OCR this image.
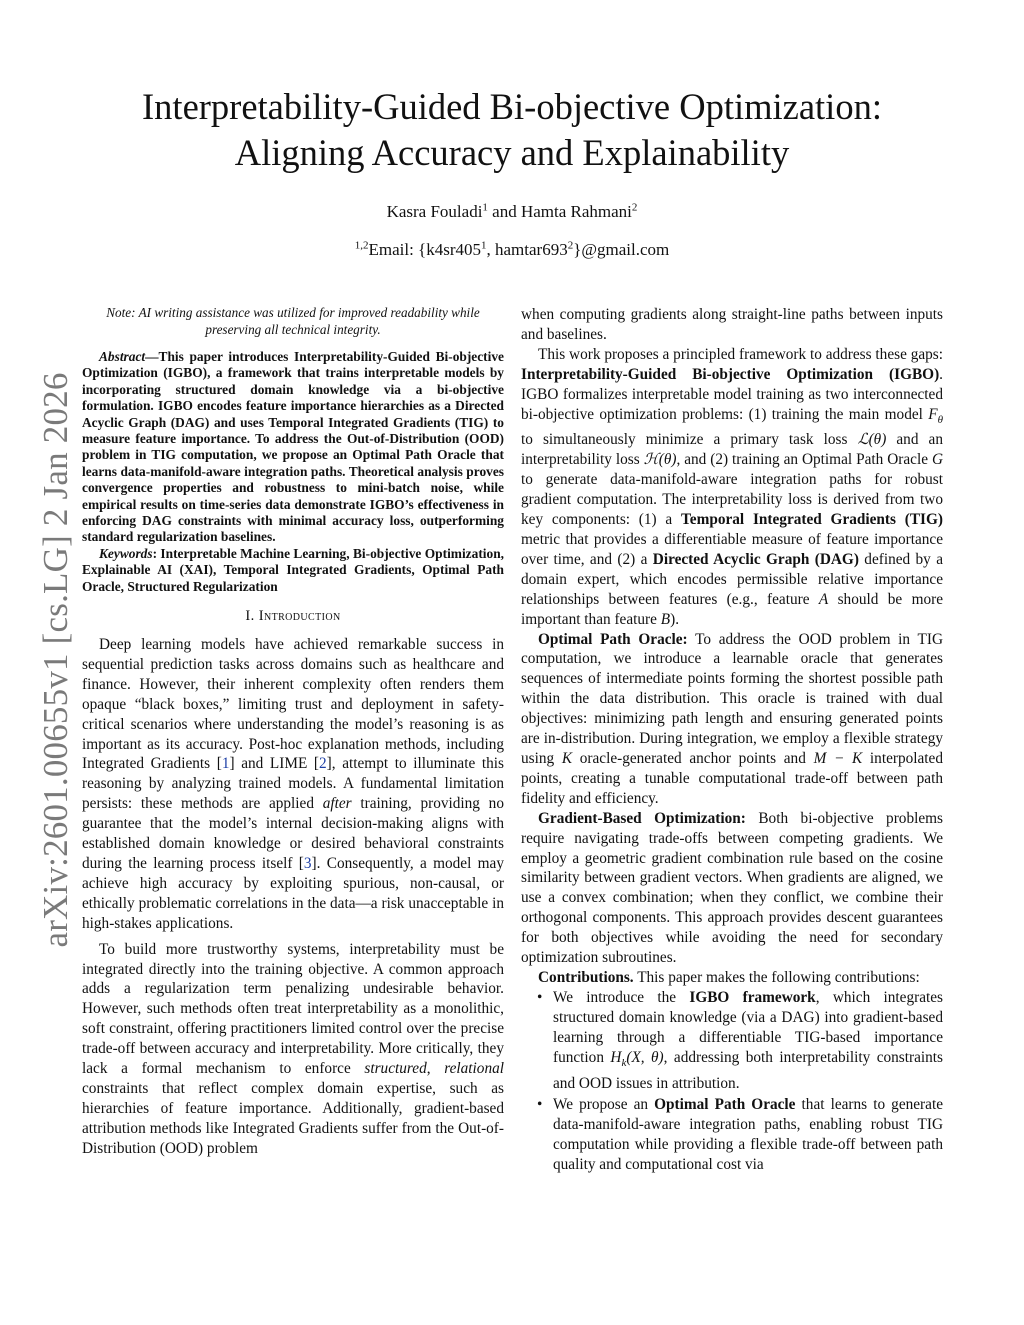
arXiv:2601.00655v1 [cs.LG] 2 Jan 2026
Interpretability-Guided Bi-objective Optimization:
Aligning Accuracy and Explainability
Kasra Fouladi$^1$ and Hamta Rahmani$^2$
$^{1,2}$Email: {$k4sr405^1$, $hamtar693^2\}@gmail.com$
Note: AI writing assistance was utilized for improved readability while preserving all technical integrity.

Abstract—This paper introduces Interpretability-Guided Bi-objective Optimization (IGBO), a framework that trains interpretable models by incorporating structured domain knowledge via a bi-objective formulation. IGBO encodes feature importance hierarchies as a Directed Acyclic Graph (DAG) and uses Temporal Integrated Gradients (TIG) to measure feature importance. To address the Out-of-Distribution (OOD) problem in TIG computation, we propose an Optimal Path Oracle that learns data-manifold-aware integration paths. Theoretical analysis proves convergence properties and robustness to mini-batch noise, while empirical results on time-series data demonstrate IGBO’s effectiveness in enforcing DAG constraints with minimal accuracy loss, outperforming standard regularization baselines.

Keywords: Interpretable Machine Learning, Bi-objective Optimization, Explainable AI (XAI), Temporal Integrated Gradients, Optimal Path Oracle, Structured Regularization

I. Introduction

Deep learning models have achieved remarkable success in sequential prediction tasks across domains such as healthcare and finance. However, their inherent complexity often renders them opaque “black boxes,” limiting trust and deployment in safety-critical scenarios where understanding the model’s reasoning is as important as its accuracy. Post-hoc explanation methods, including Integrated Gradients [1] and LIME [2], attempt to illuminate this reasoning by analyzing trained models. A fundamental limitation persists: these methods are applied after training, providing no guarantee that the model’s internal decision-making aligns with established domain knowledge or desired behavioral constraints during the learning process itself [3]. Consequently, a model may achieve high accuracy by exploiting spurious, non-causal, or ethically problematic correlations in the data—a risk unacceptable in high-stakes applications.

To build more trustworthy systems, interpretability must be integrated directly into the training objective. A common approach adds a regularization term penalizing undesirable behavior. However, such methods often treat interpretability as a monolithic, soft constraint, offering practitioners limited control over the precise trade-off between accuracy and interpretability. More critically, they lack a formal mechanism to enforce structured, relational constraints that reflect complex domain expertise, such as hierarchies of feature importance. Additionally, gradient-based attribution methods like Integrated Gradients suffer from the Out-of-Distribution (OOD) problem

when computing gradients along straight-line paths between inputs and baselines.

This work proposes a principled framework to address these gaps: Interpretability-Guided Bi-objective Optimization (IGBO). IGBO formalizes interpretable model training as two interconnected bi-objective optimization problems: (1) training the main model $F_\theta$ to simultaneously minimize a primary task loss ℒ(θ) and an interpretability loss ℋ(θ), and (2) training an Optimal Path Oracle G to generate data-manifold-aware integration paths for robust gradient computation. The interpretability loss is derived from two key components: (1) a Temporal Integrated Gradients (TIG) metric that provides a differentiable measure of feature importance over time, and (2) a Directed Acyclic Graph (DAG) defined by a domain expert, which encodes permissible relative importance relationships between features (e.g., feature A should be more important than feature B).

Optimal Path Oracle: To address the OOD problem in TIG computation, we introduce a learnable oracle that generates sequences of intermediate points forming the shortest possible path within the data distribution. This oracle is trained with dual objectives: minimizing path length and ensuring generated points are in-distribution. During integration, we employ a flexible strategy using K oracle-generated anchor points and M − K interpolated points, creating a tunable computational trade-off between path fidelity and efficiency.

Gradient-Based Optimization: Both bi-objective problems require navigating trade-offs between competing gradients. We employ a geometric gradient combination rule based on the cosine similarity between gradient vectors. When gradients are aligned, we use a convex combination; when they conflict, we combine their orthogonal components. This approach provides descent guarantees for both objectives while avoiding the need for secondary optimization subroutines.

Contributions. This paper makes the following contributions:

• We introduce the IGBO framework, which integrates structured domain knowledge (via a DAG) into gradient-based learning through a differentiable TIG-based importance function $H_k(X$, θ), addressing both interpretability constraints and OOD issues in attribution.
• We propose an Optimal Path Oracle that learns to generate data-manifold-aware integration paths, enabling robust TIG computation while providing a flexible trade-off between path quality and computational cost via
